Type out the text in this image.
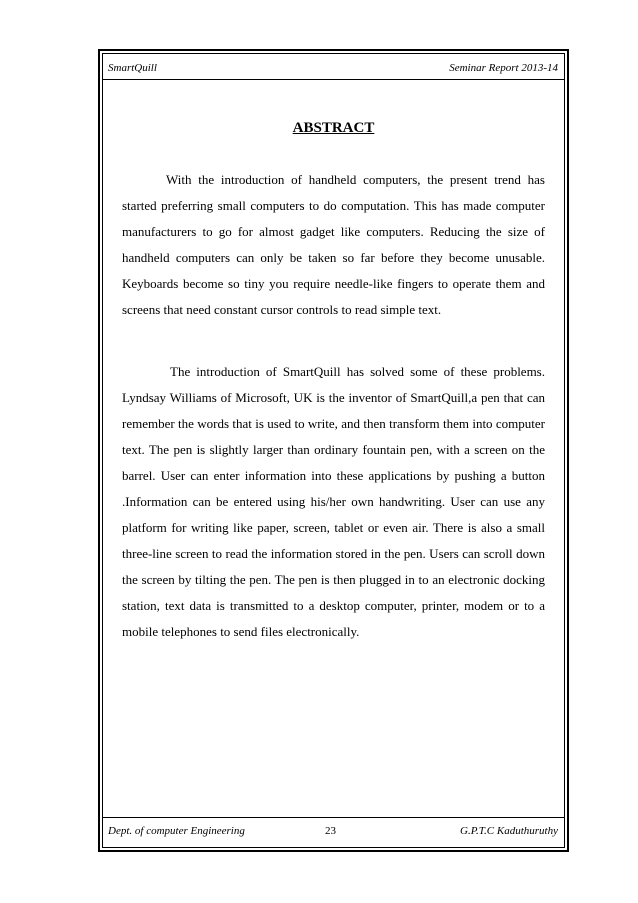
SmartQuill	Seminar Report 2013-14
ABSTRACT
With the introduction of handheld computers, the present trend has started preferring small computers to do computation. This has made computer manufacturers to go for almost gadget like computers. Reducing the size of handheld computers can only be taken so far before they become unusable. Keyboards become so tiny you require needle-like fingers to operate them and screens that need constant cursor controls to read simple text.
The introduction of SmartQuill has solved some of these problems. Lyndsay Williams of Microsoft, UK is the inventor of SmartQuill,a pen that can remember the words that is used to write, and then transform them into computer text. The pen is slightly larger than ordinary fountain pen, with a screen on the barrel. User can enter information into these applications by pushing a button .Information can be entered using his/her own handwriting. User can use any platform for writing like paper, screen, tablet or even air. There is also a small three-line screen to read the information stored in the pen. Users can scroll down the screen by tilting the pen. The pen is then plugged in to an electronic docking station, text data is transmitted to a desktop computer, printer, modem or to a mobile telephones to send files electronically.
Dept. of computer Engineering	23	G.P.T.C Kaduthuruthy
